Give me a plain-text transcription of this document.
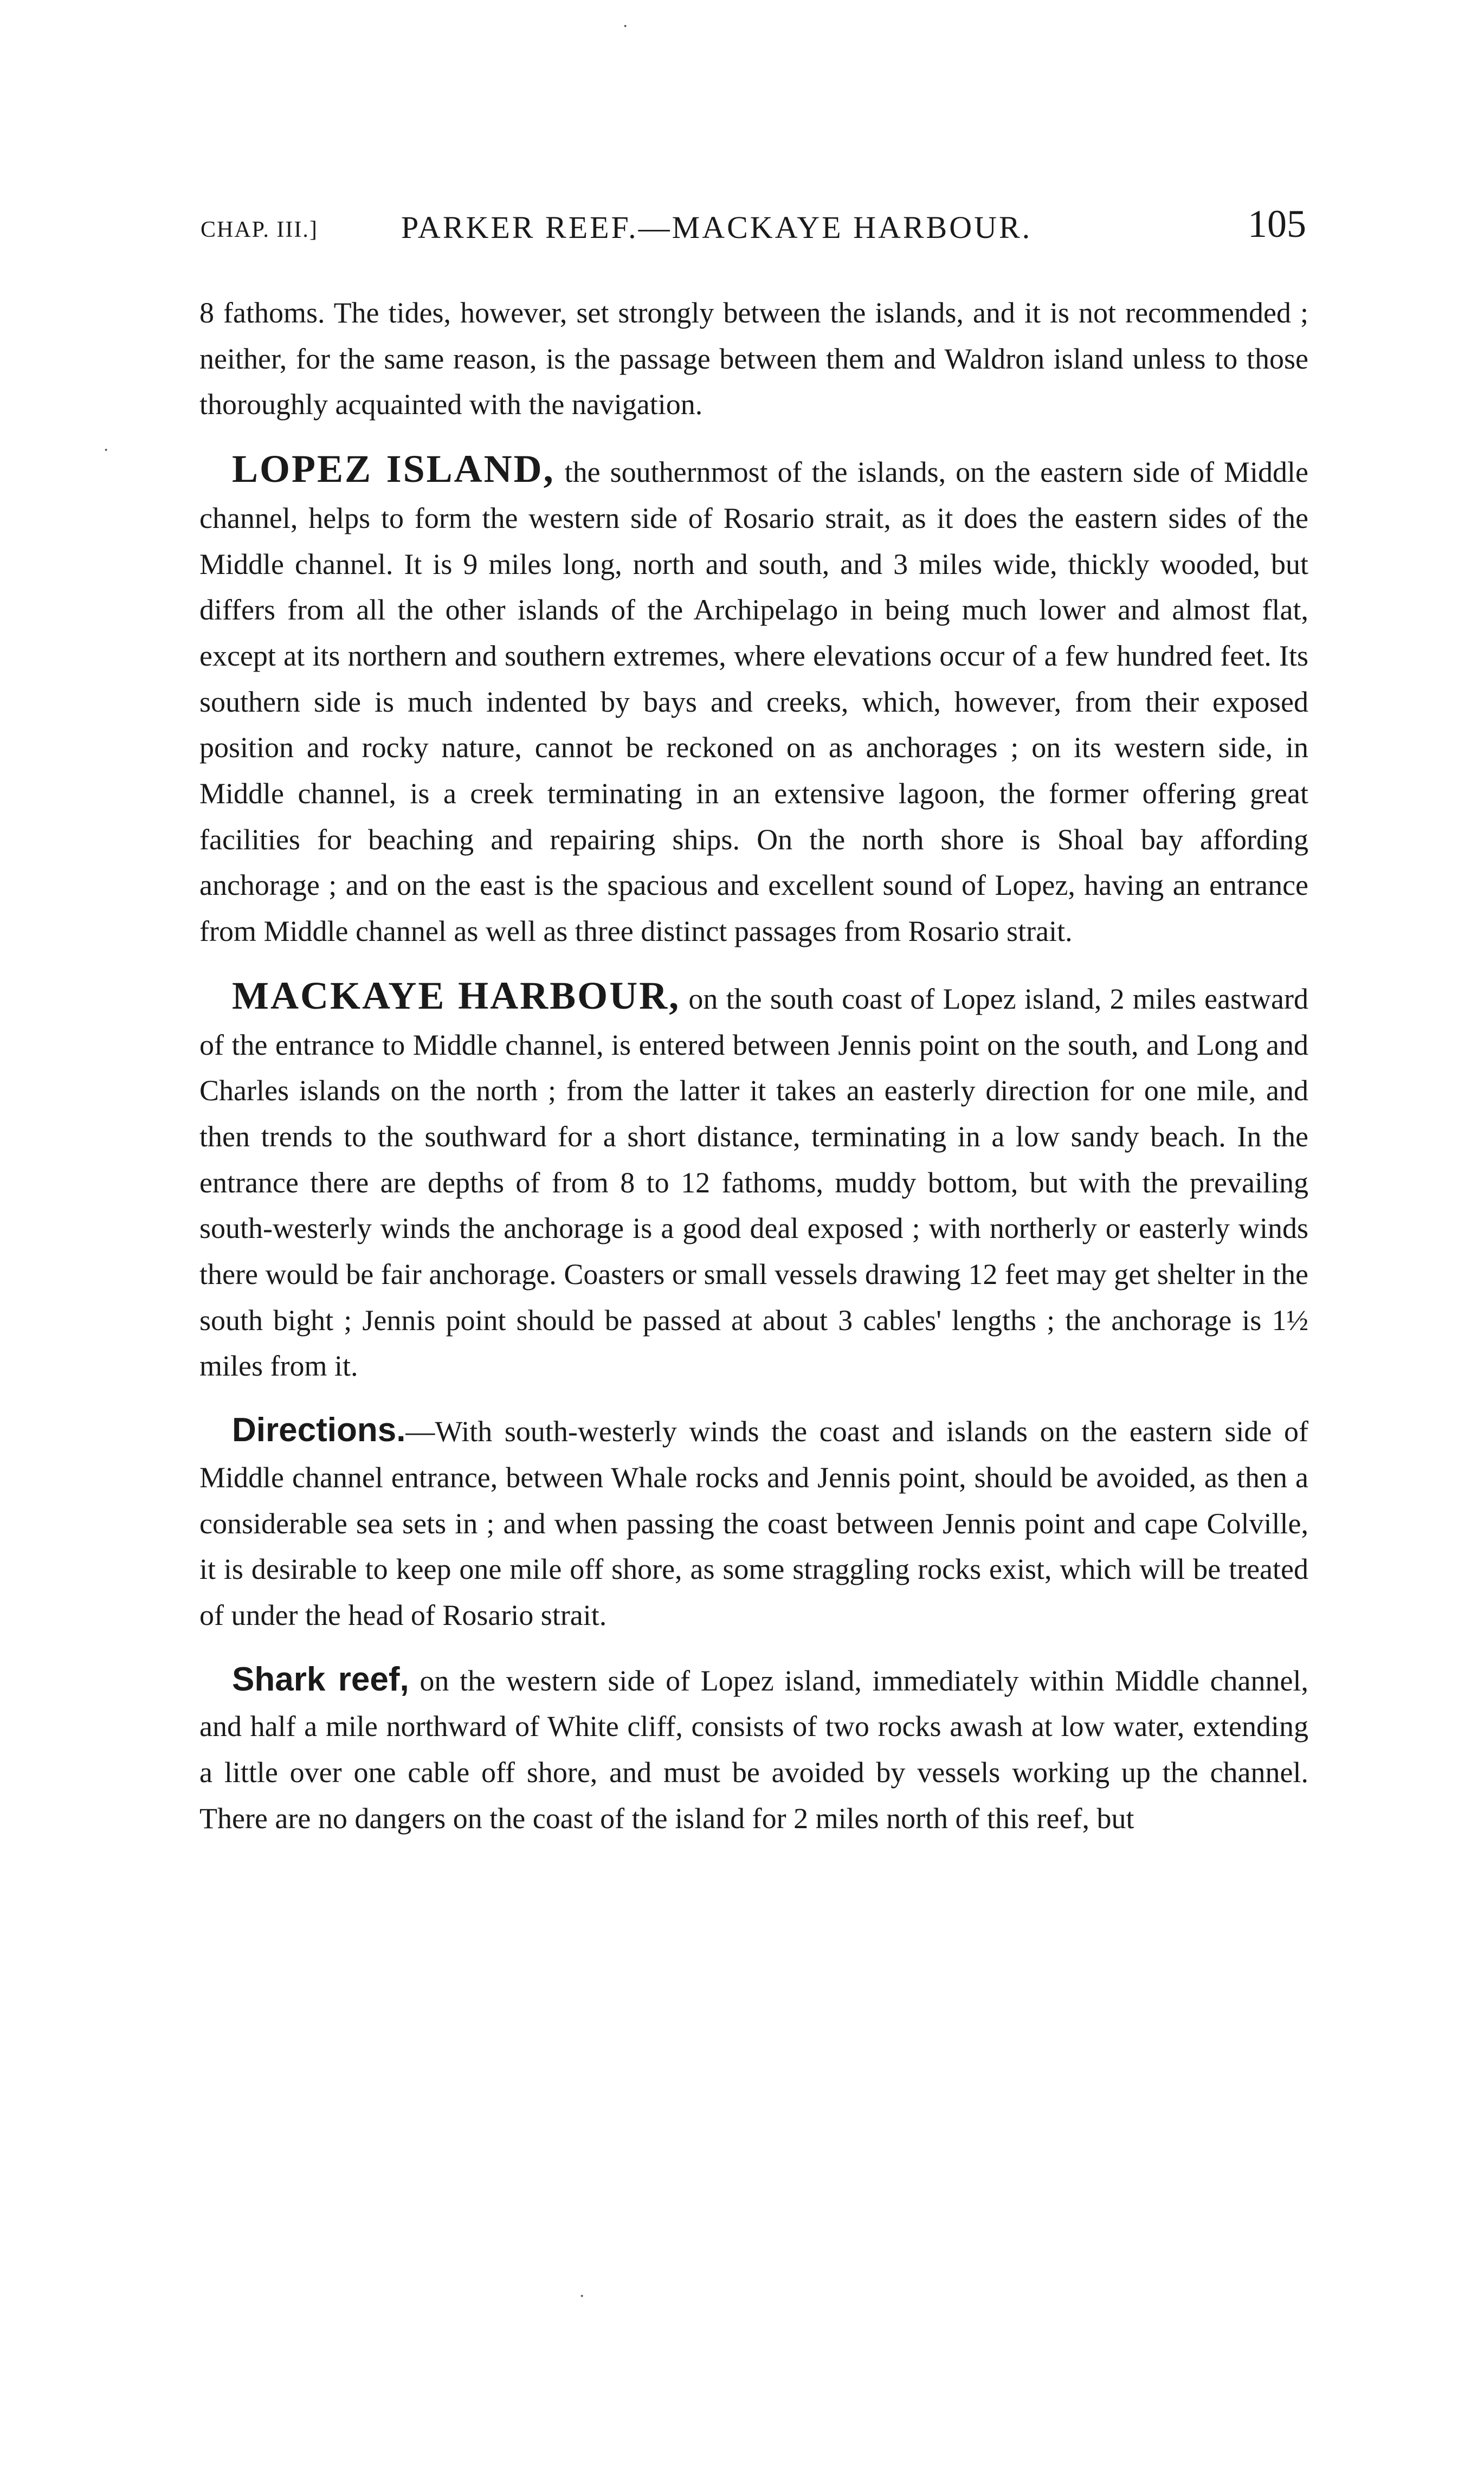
CHAP. III.]	PARKER REEF.—MACKAYE HARBOUR.	105

8 fathoms. The tides, however, set strongly between the islands, and it is not recommended ; neither, for the same reason, is the passage between them and Waldron island unless to those thoroughly acquainted with the navigation.

LOPEZ ISLAND, the southernmost of the islands, on the eastern side of Middle channel, helps to form the western side of Rosario strait, as it does the eastern sides of the Middle channel. It is 9 miles long, north and south, and 3 miles wide, thickly wooded, but differs from all the other islands of the Archipelago in being much lower and almost flat, except at its northern and southern extremes, where elevations occur of a few hundred feet. Its southern side is much indented by bays and creeks, which, however, from their exposed position and rocky nature, cannot be reckoned on as anchorages ; on its western side, in Middle channel, is a creek terminating in an extensive lagoon, the former offering great facilities for beaching and repairing ships. On the north shore is Shoal bay affording anchorage ; and on the east is the spacious and excellent sound of Lopez, having an entrance from Middle channel as well as three distinct passages from Rosario strait.

MACKAYE HARBOUR, on the south coast of Lopez island, 2 miles eastward of the entrance to Middle channel, is entered between Jennis point on the south, and Long and Charles islands on the north ; from the latter it takes an easterly direction for one mile, and then trends to the southward for a short distance, terminating in a low sandy beach. In the entrance there are depths of from 8 to 12 fathoms, muddy bottom, but with the prevailing south-westerly winds the anchorage is a good deal exposed ; with northerly or easterly winds there would be fair anchorage. Coasters or small vessels drawing 12 feet may get shelter in the south bight ; Jennis point should be passed at about 3 cables' lengths ; the anchorage is 1½ miles from it.

Directions.—With south-westerly winds the coast and islands on the eastern side of Middle channel entrance, between Whale rocks and Jennis point, should be avoided, as then a considerable sea sets in ; and when passing the coast between Jennis point and cape Colville, it is desirable to keep one mile off shore, as some straggling rocks exist, which will be treated of under the head of Rosario strait.

Shark reef, on the western side of Lopez island, immediately within Middle channel, and half a mile northward of White cliff, consists of two rocks awash at low water, extending a little over one cable off shore, and must be avoided by vessels working up the channel. There are no dangers on the coast of the island for 2 miles north of this reef, but

·
·
·
